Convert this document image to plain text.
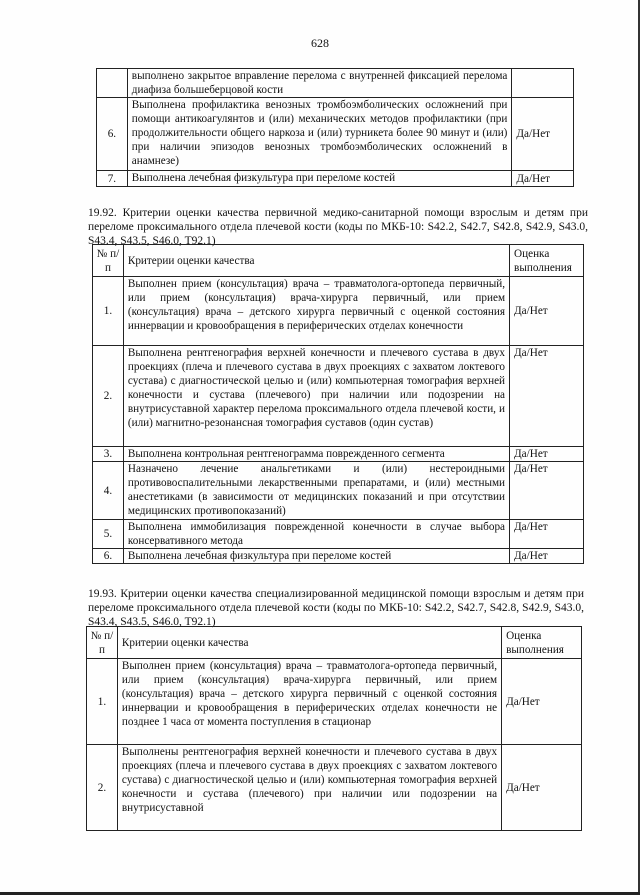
628
	выполнено закрытое вправление перелома с внутренней фиксацией перелома диафиза большеберцовой кости	
6.	Выполнена профилактика венозных тромбоэмболических осложнений при помощи антикоагулянтов и (или) механических методов профилактики (при продолжительности общего наркоза и (или) турникета более 90 минут и (или) при наличии эпизодов венозных тромбоэмболических осложнений в анамнезе)	Да/Нет
7.	Выполнена лечебная физкультура при переломе костей	Да/Нет
19.92. Критерии оценки качества первичной медико-санитарной помощи взрослым и детям при переломе проксимального отдела плечевой кости (коды по МКБ-10: S42.2, S42.7, S42.8, S42.9, S43.0, S43.4, S43.5, S46.0, T92.1)
№ п/п	Критерии оценки качества	Оценка выполнения
1.	Выполнен прием (консультация) врача – травматолога-ортопеда первичный, или прием (консультация) врача-хирурга первичный, или прием (консультация) врача – детского хирурга первичный с оценкой состояния иннервации и кровообращения в периферических отделах конечности	Да/Нет
2.	Выполнена рентгенография верхней конечности и плечевого сустава в двух проекциях (плеча и плечевого сустава в двух проекциях с захватом локтевого сустава) с диагностической целью и (или) компьютерная томография верхней конечности и сустава (плечевого) при наличии или подозрении на внутрисуставной характер перелома проксимального отдела плечевой кости, и (или) магнитно-резонансная томография суставов (один сустав)	Да/Нет
3.	Выполнена контрольная рентгенограмма поврежденного сегмента	Да/Нет
4.	Назначено лечение анальгетиками и (или) нестероидными противовоспалительными лекарственными препаратами, и (или) местными анестетиками (в зависимости от медицинских показаний и при отсутствии медицинских противопоказаний)	Да/Нет
5.	Выполнена иммобилизация поврежденной конечности в случае выбора консервативного метода	Да/Нет
6.	Выполнена лечебная физкультура при переломе костей	Да/Нет
19.93. Критерии оценки качества специализированной медицинской помощи взрослым и детям при переломе проксимального отдела плечевой кости (коды по МКБ-10: S42.2, S42.7, S42.8, S42.9, S43.0, S43.4, S43.5, S46.0, T92.1)
№ п/п	Критерии оценки качества	Оценка выполнения
1.	Выполнен прием (консультация) врача – травматолога-ортопеда первичный, или прием (консультация) врача-хирурга первичный, или прием (консультация) врача – детского хирурга первичный с оценкой состояния иннервации и кровообращения в периферических отделах конечности не позднее 1 часа от момента поступления в стационар	Да/Нет
2.	Выполнены рентгенография верхней конечности и плечевого сустава в двух проекциях (плеча и плечевого сустава в двух проекциях с захватом локтевого сустава) с диагностической целью и (или) компьютерная томография верхней конечности и сустава (плечевого) при наличии или подозрении на внутрисуставной	Да/Нет
